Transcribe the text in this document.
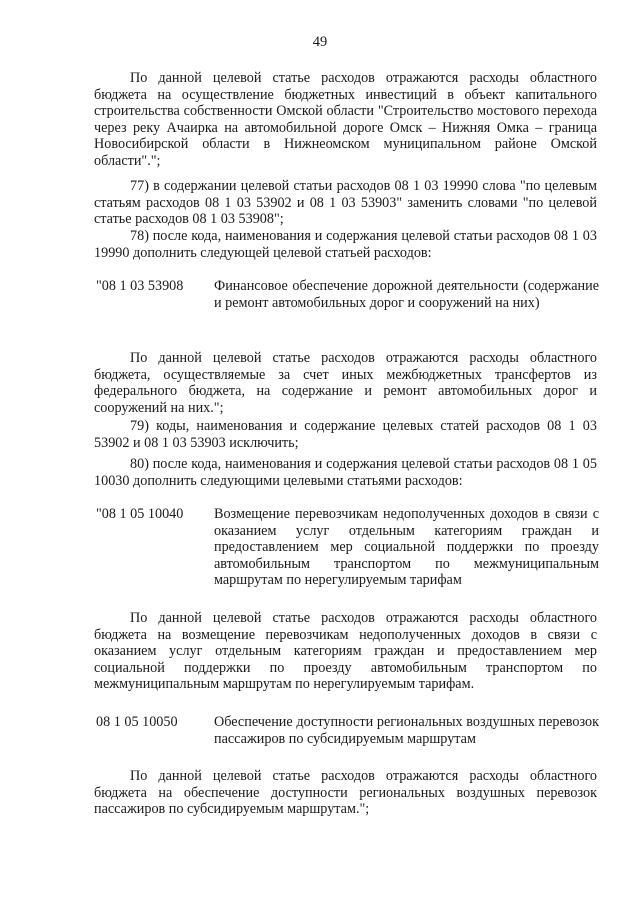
49

По данной целевой статье расходов отражаются расходы областного бюджета на осуществление бюджетных инвестиций в объект капитального строительства собственности Омской области "Строительство мостового перехода через реку Ачаирка на автомобильной дороге Омск – Нижняя Омка – граница Новосибирской области в Нижнеомском муниципальном районе Омской области".";

77) в содержании целевой статьи расходов 08 1 03 19990 слова "по целевым статьям расходов 08 1 03 53902 и 08 1 03 53903" заменить словами "по целевой статье расходов 08 1 03 53908";

78) после кода, наименования и содержания целевой статьи расходов 08 1 03 19990 дополнить следующей целевой статьей расходов:

"08 1 03 53908 Финансовое обеспечение дорожной деятельности (содержание и ремонт автомобильных дорог и сооружений на них)

По данной целевой статье расходов отражаются расходы областного бюджета, осуществляемые за счет иных межбюджетных трансфертов из федерального бюджета, на содержание и ремонт автомобильных дорог и сооружений на них.";

79) коды, наименования и содержание целевых статей расходов 08 1 03 53902 и 08 1 03 53903 исключить;

80) после кода, наименования и содержания целевой статьи расходов 08 1 05 10030 дополнить следующими целевыми статьями расходов:

"08 1 05 10040 Возмещение перевозчикам недополученных доходов в связи с оказанием услуг отдельным категориям граждан и предоставлением мер социальной поддержки по проезду автомобильным транспортом по межмуниципальным маршрутам по нерегулируемым тарифам

По данной целевой статье расходов отражаются расходы областного бюджета на возмещение перевозчикам недополученных доходов в связи с оказанием услуг отдельным категориям граждан и предоставлением мер социальной поддержки по проезду автомобильным транспортом по межмуниципальным маршрутам по нерегулируемым тарифам.

08 1 05 10050	Обеспечение доступности региональных воздушных перевозок пассажиров по субсидируемым маршрутам

По данной целевой статье расходов отражаются расходы областного бюджета на обеспечение доступности региональных воздушных перевозок пассажиров по субсидируемым маршрутам.";
